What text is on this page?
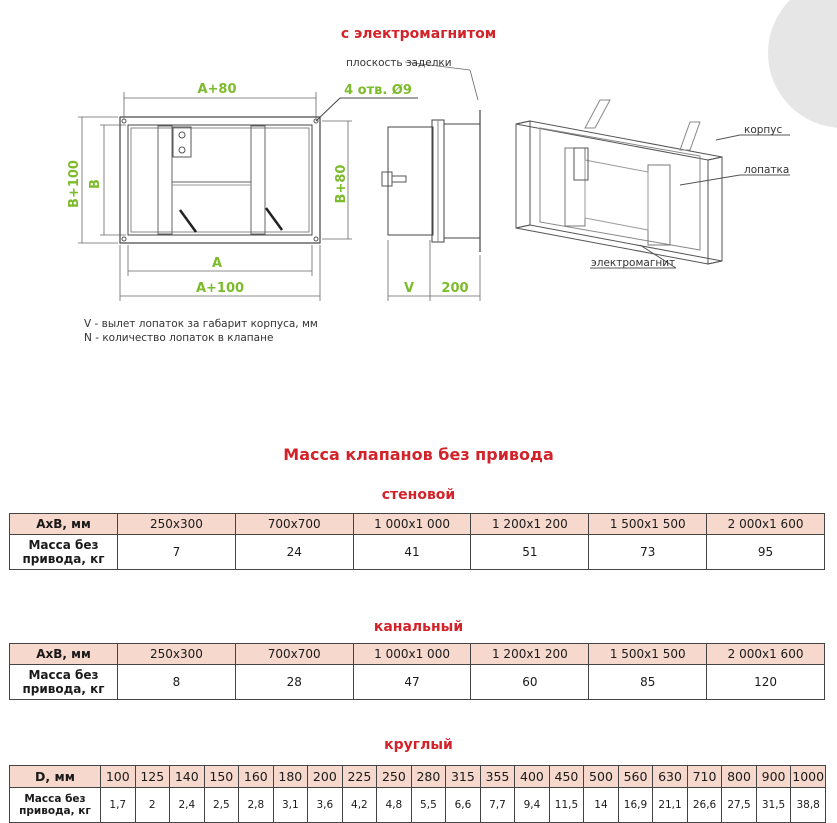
с электромагнитом
A+80	4 отв. Ø9
A
A+100	V 200
B+100 B	B+80
плоскость заделки
корпус
лопатка
электромагнит
V - вылет лопаток за габарит корпуса, мм
N - количество лопаток в клапане
Масса клапанов без привода
стеновой
АхВ, мм	250х300	700х700	1 000х1 000	1 200х1 200	1 500х1 500	2 000х1 600
Масса без
привода, кг	7	24	41	51	73	95
канальный
АхВ, мм	250х300	700х700	1 000х1 000	1 200х1 200	1 500х1 500	2 000х1 600
Масса без
привода, кг	8	28	47	60	85	120
круглый
D, мм	100	125	140	150	160	180	200	225	250	280	315	355	400	450	500	560	630	710	800	900	1000
Масса без
привода, кг	1,7	2	2,4	2,5	2,8	3,1	3,6	4,2	4,8	5,5	6,6	7,7	9,4	11,5	14	16,9	21,1	26,6	27,5	31,5	38,8
